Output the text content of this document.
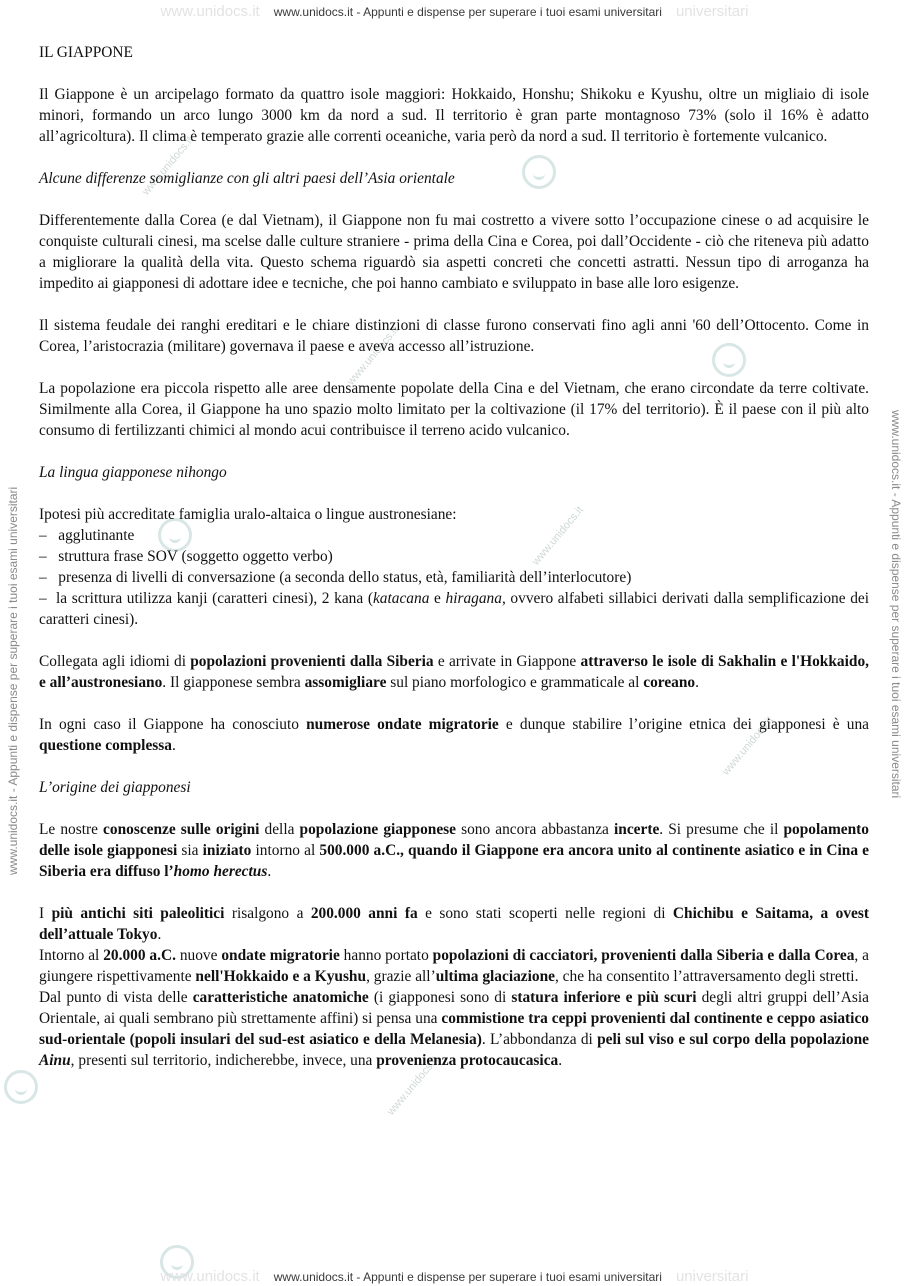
www.unidocs.it www.unidocs.it - Appunti e dispense per superare i tuoi esami universitari universitari
www.unidocs.it - Appunti e dispense per superare i tuoi esami universitari	www.unidocs.it - Appunti e dispense per superare i tuoi esami universitari
www.unidocs.it
www.unidocs.it
www.unidocs.it
www.unidocs.it
www.unidocs.it

IL GIAPPONE

Il Giappone è un arcipelago formato da quattro isole maggiori: Hokkaido, Honshu; Shikoku e Kyushu, oltre un migliaio di isole minori, formando un arco lungo 3000 km da nord a sud. Il territorio è gran parte montagnoso 73% (solo il 16% è adatto all’agricoltura). Il clima è temperato grazie alle correnti oceaniche, varia però da nord a sud. Il territorio è fortemente vulcanico.

Alcune differenze somiglianze con gli altri paesi dell’Asia orientale

Differentemente dalla Corea (e dal Vietnam), il Giappone non fu mai costretto a vivere sotto l’occupazione cinese o ad acquisire le conquiste culturali cinesi, ma scelse dalle culture straniere - prima della Cina e Corea, poi dall’Occidente - ciò che riteneva più adatto a migliorare la qualità della vita. Questo schema riguardò sia aspetti concreti che concetti astratti. Nessun tipo di arroganza ha impedito ai giapponesi di adottare idee e tecniche, che poi hanno cambiato e sviluppato in base alle loro esigenze.

Il sistema feudale dei ranghi ereditari e le chiare distinzioni di classe furono conservati fino agli anni '60 dell’Ottocento. Come in Corea, l’aristocrazia (militare) governava il paese e aveva accesso all’istruzione.

La popolazione era piccola rispetto alle aree densamente popolate della Cina e del Vietnam, che erano circondate da terre coltivate. Similmente alla Corea, il Giappone ha uno spazio molto limitato per la coltivazione (il 17% del territorio). È il paese con il più alto consumo di fertilizzanti chimici al mondo acui contribuisce il terreno acido vulcanico.

La lingua giapponese nihongo

Ipotesi più accreditate famiglia uralo-altaica o lingue austronesiane:
– agglutinante
– struttura frase SOV (soggetto oggetto verbo)
– presenza di livelli di conversazione (a seconda dello status, età, familiarità dell’interlocutore)
– la scrittura utilizza kanji (caratteri cinesi), 2 kana (katacana e hiragana, ovvero alfabeti sillabici derivati dalla semplificazione dei caratteri cinesi).

Collegata agli idiomi di popolazioni provenienti dalla Siberia e arrivate in Giappone attraverso le isole di Sakhalin e l'Hokkaido, e all’austronesiano. Il giapponese sembra assomigliare sul piano morfologico e grammaticale al coreano.

In ogni caso il Giappone ha conosciuto numerose ondate migratorie e dunque stabilire l’origine etnica dei giapponesi è una questione complessa.

L’origine dei giapponesi

Le nostre conoscenze sulle origini della popolazione giapponese sono ancora abbastanza incerte. Si presume che il popolamento delle isole giapponesi sia iniziato intorno al 500.000 a.C., quando il Giappone era ancora unito al continente asiatico e in Cina e Siberia era diffuso l’homo herectus.

I più antichi siti paleolitici risalgono a 200.000 anni fa e sono stati scoperti nelle regioni di Chichibu e Saitama, a ovest dell’attuale Tokyo.

Intorno al 20.000 a.C. nuove ondate migratorie hanno portato popolazioni di cacciatori, provenienti dalla Siberia e dalla Corea, a giungere rispettivamente nell'Hokkaido e a Kyushu, grazie all’ultima glaciazione, che ha consentito l’attraversamento degli stretti.

Dal punto di vista delle caratteristiche anatomiche (i giapponesi sono di statura inferiore e più scuri degli altri gruppi dell’Asia Orientale, ai quali sembrano più strettamente affini) si pensa una commistione tra ceppi provenienti dal continente e ceppo asiatico sud-orientale (popoli insulari del sud-est asiatico e della Melanesia). L’abbondanza di peli sul viso e sul corpo della popolazione Ainu, presenti sul territorio, indicherebbe, invece, una provenienza protocaucasica.

www.unidocs.it www.unidocs.it - Appunti e dispense per superare i tuoi esami universitari universitari
